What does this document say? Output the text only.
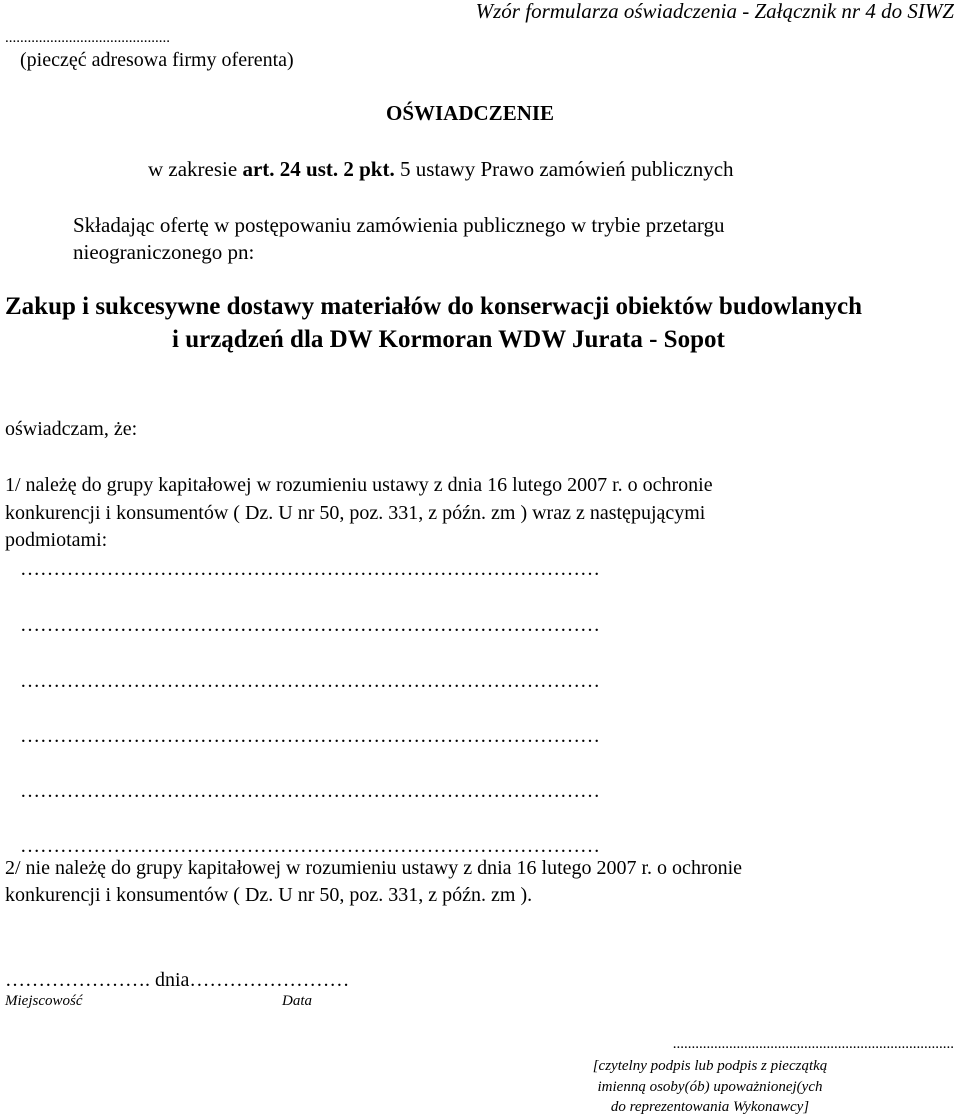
............................................
(pieczęć adresowa firmy oferenta)
Wzór formularza oświadczenia - Załącznik nr 4 do SIWZ
OŚWIADCZENIE
w zakresie art. 24 ust. 2 pkt. 5 ustawy Prawo zamówień publicznych
Składając ofertę w postępowaniu zamówienia publicznego w trybie przetargu
nieograniczonego pn:
Zakup i sukcesywne dostawy materiałów do konserwacji obiektów budowlanych
i urządzeń dla DW Kormoran WDW Jurata - Sopot
oświadczam, że:
1/ należę do grupy kapitałowej w rozumieniu ustawy z dnia 16 lutego 2007 r. o ochronie
konkurencji i konsumentów ( Dz. U nr 50, poz. 331, z późn. zm ) wraz z następującymi
podmiotami:
……………………………………………………………………………
……………………………………………………………………………
……………………………………………………………………………
……………………………………………………………………………
……………………………………………………………………………
……………………………………………………………………………
2/ nie należę do grupy kapitałowej w rozumieniu ustawy z dnia 16 lutego 2007 r. o ochronie
konkurencji i konsumentów ( Dz. U nr 50, poz. 331, z późn. zm ).
…………………. dnia……………………
Miejscowość	Data
...........................................................................
[czytelny podpis lub podpis z pieczątką
imienną osoby(ób) upoważnionej(ych
do reprezentowania Wykonawcy]
